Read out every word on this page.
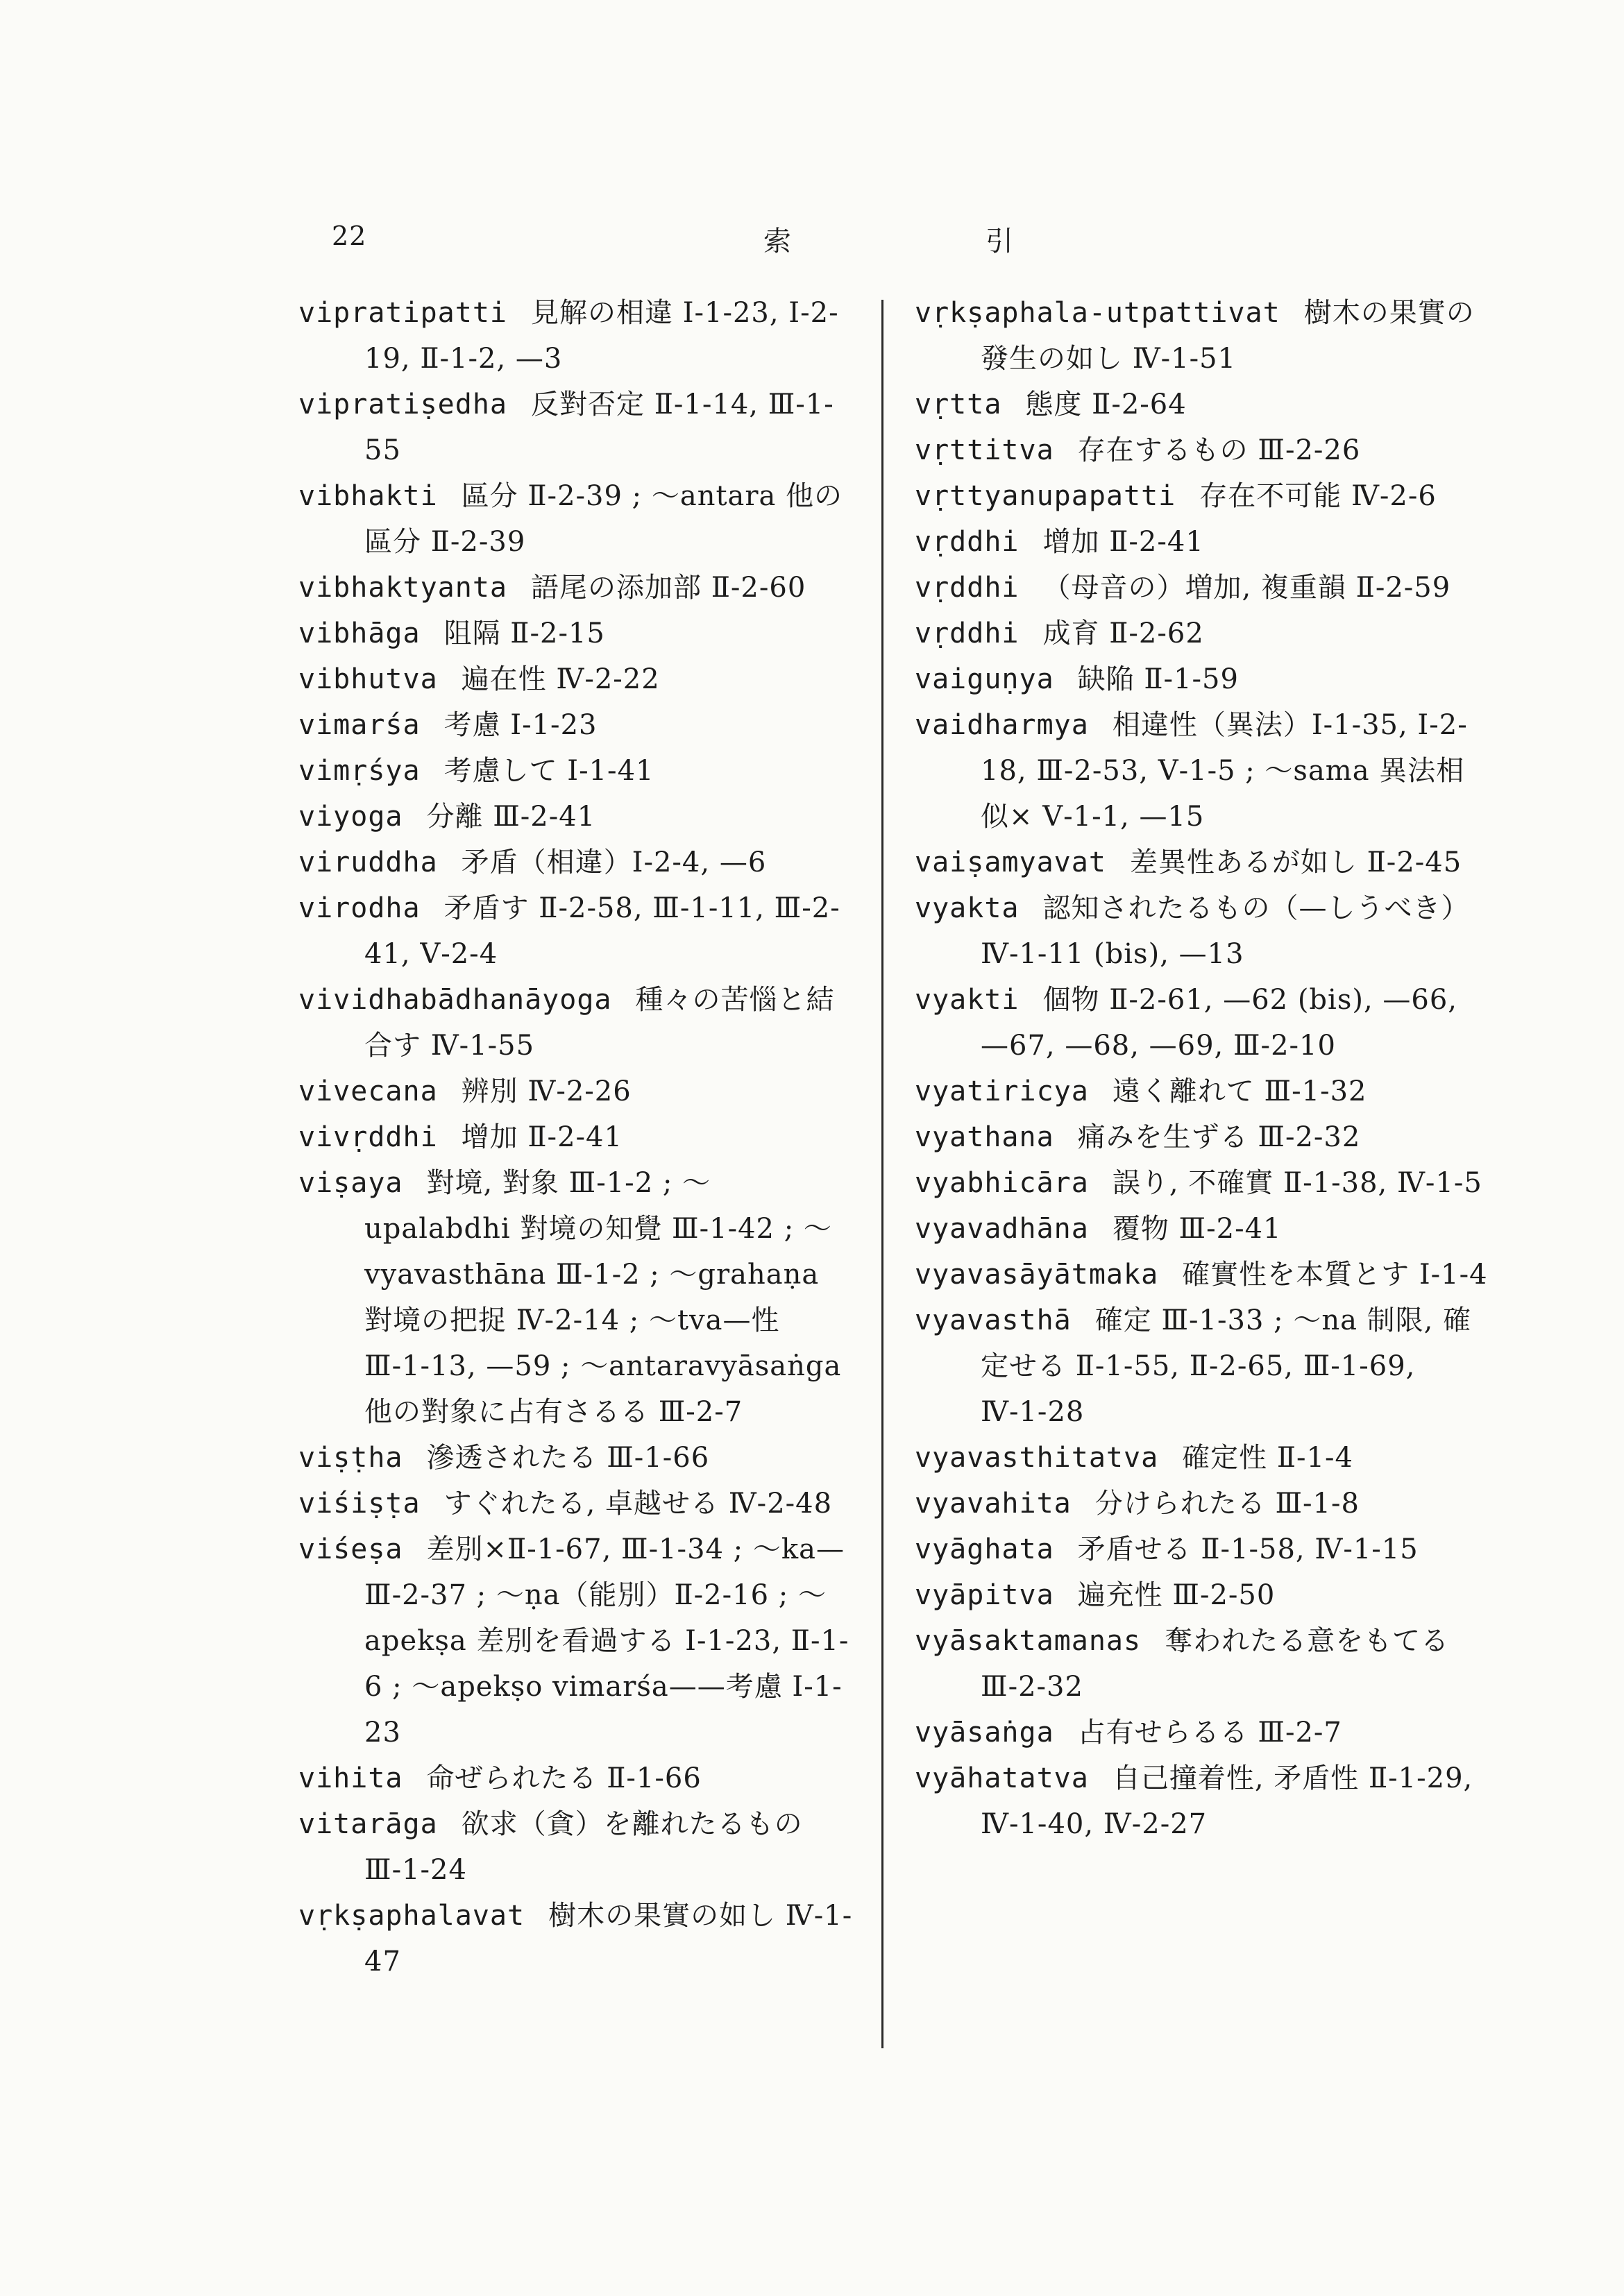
22	索	引

vipratipatti 見解の相違 Ⅰ-1-23, Ⅰ-2-19, Ⅱ-1-2, —3

vipratiṣedha 反對否定 Ⅱ-1-14, Ⅲ-1-55

vibhakti 區分 Ⅱ-2-39 ; ～antara 他の區分 Ⅱ-2-39

vibhaktyanta 語尾の添加部 Ⅱ-2-60

vibhāga 阻隔 Ⅱ-2-15

vibhutva 遍在性 Ⅳ-2-22

vimarśa 考慮 Ⅰ-1-23

vimṛśya 考慮して Ⅰ-1-41

viyoga 分離 Ⅲ-2-41

viruddha 矛盾（相違）Ⅰ-2-4, —6

virodha 矛盾す Ⅱ-2-58, Ⅲ-1-11, Ⅲ-2-41, Ⅴ-2-4

vividhabādhanāyoga 種々の苦惱と結合す Ⅳ-1-55

vivecana 辨別 Ⅳ-2-26

vivṛddhi 增加 Ⅱ-2-41

viṣaya 對境, 對象 Ⅲ-1-2 ; ～upalabdhi 對境の知覺 Ⅲ-1-42 ; ～vyavasthāna Ⅲ-1-2 ; ～grahaṇa 對境の把捉 Ⅳ-2-14 ; ～tva—性 Ⅲ-1-13, —59 ; ～antaravyāsaṅga 他の對象に占有さるる Ⅲ-2-7

viṣṭha 滲透されたる Ⅲ-1-66

viśiṣṭa すぐれたる, 卓越せる Ⅳ-2-48

viśeṣa 差別×Ⅱ-1-67, Ⅲ-1-34 ; ～ka—Ⅲ-2-37 ; ～ṇa（能別）Ⅱ-2-16 ; ～apekṣa 差別を看過する Ⅰ-1-23, Ⅱ-1-6 ; ～apekṣo vimarśa——考慮 Ⅰ-1-23

vihita 命ぜられたる Ⅱ-1-66

vitarāga 欲求（貪）を離れたるもの Ⅲ-1-24

vṛkṣaphalavat 樹木の果實の如し Ⅳ-1-47

vṛkṣaphala-utpattivat 樹木の果實の發生の如し Ⅳ-1-51

vṛtta 態度 Ⅱ-2-64

vṛttitva 存在するもの Ⅲ-2-26

vṛttyanupapatti 存在不可能 Ⅳ-2-6

vṛddhi 增加 Ⅱ-2-41

vṛddhi （母音の）増加, 複重韻 Ⅱ-2-59

vṛddhi 成育 Ⅱ-2-62

vaiguṇya 缺陥 Ⅱ-1-59

vaidharmya 相違性（異法）Ⅰ-1-35, Ⅰ-2-18, Ⅲ-2-53, Ⅴ-1-5 ; ～sama 異法相似× Ⅴ-1-1, —15

vaiṣamyavat 差異性あるが如し Ⅱ-2-45

vyakta 認知されたるもの（—しうべき）Ⅳ-1-11 (bis), —13

vyakti 個物 Ⅱ-2-61, —62 (bis), —66, —67, —68, —69, Ⅲ-2-10

vyatiricya 遠く離れて Ⅲ-1-32

vyathana 痛みを生ずる Ⅲ-2-32

vyabhicāra 誤り, 不確實 Ⅱ-1-38, Ⅳ-1-5

vyavadhāna 覆物 Ⅲ-2-41

vyavasāyātmaka 確實性を本質とす Ⅰ-1-4

vyavasthā 確定 Ⅲ-1-33 ; ～na 制限, 確定せる Ⅱ-1-55, Ⅱ-2-65, Ⅲ-1-69, Ⅳ-1-28

vyavasthitatva 確定性 Ⅱ-1-4

vyavahita 分けられたる Ⅲ-1-8

vyāghata 矛盾せる Ⅱ-1-58, Ⅳ-1-15

vyāpitva 遍充性 Ⅲ-2-50

vyāsaktamanas 奪われたる意をもてる Ⅲ-2-32

vyāsaṅga 占有せらるる Ⅲ-2-7

vyāhatatva 自己撞着性, 矛盾性 Ⅱ-1-29, Ⅳ-1-40, Ⅳ-2-27
